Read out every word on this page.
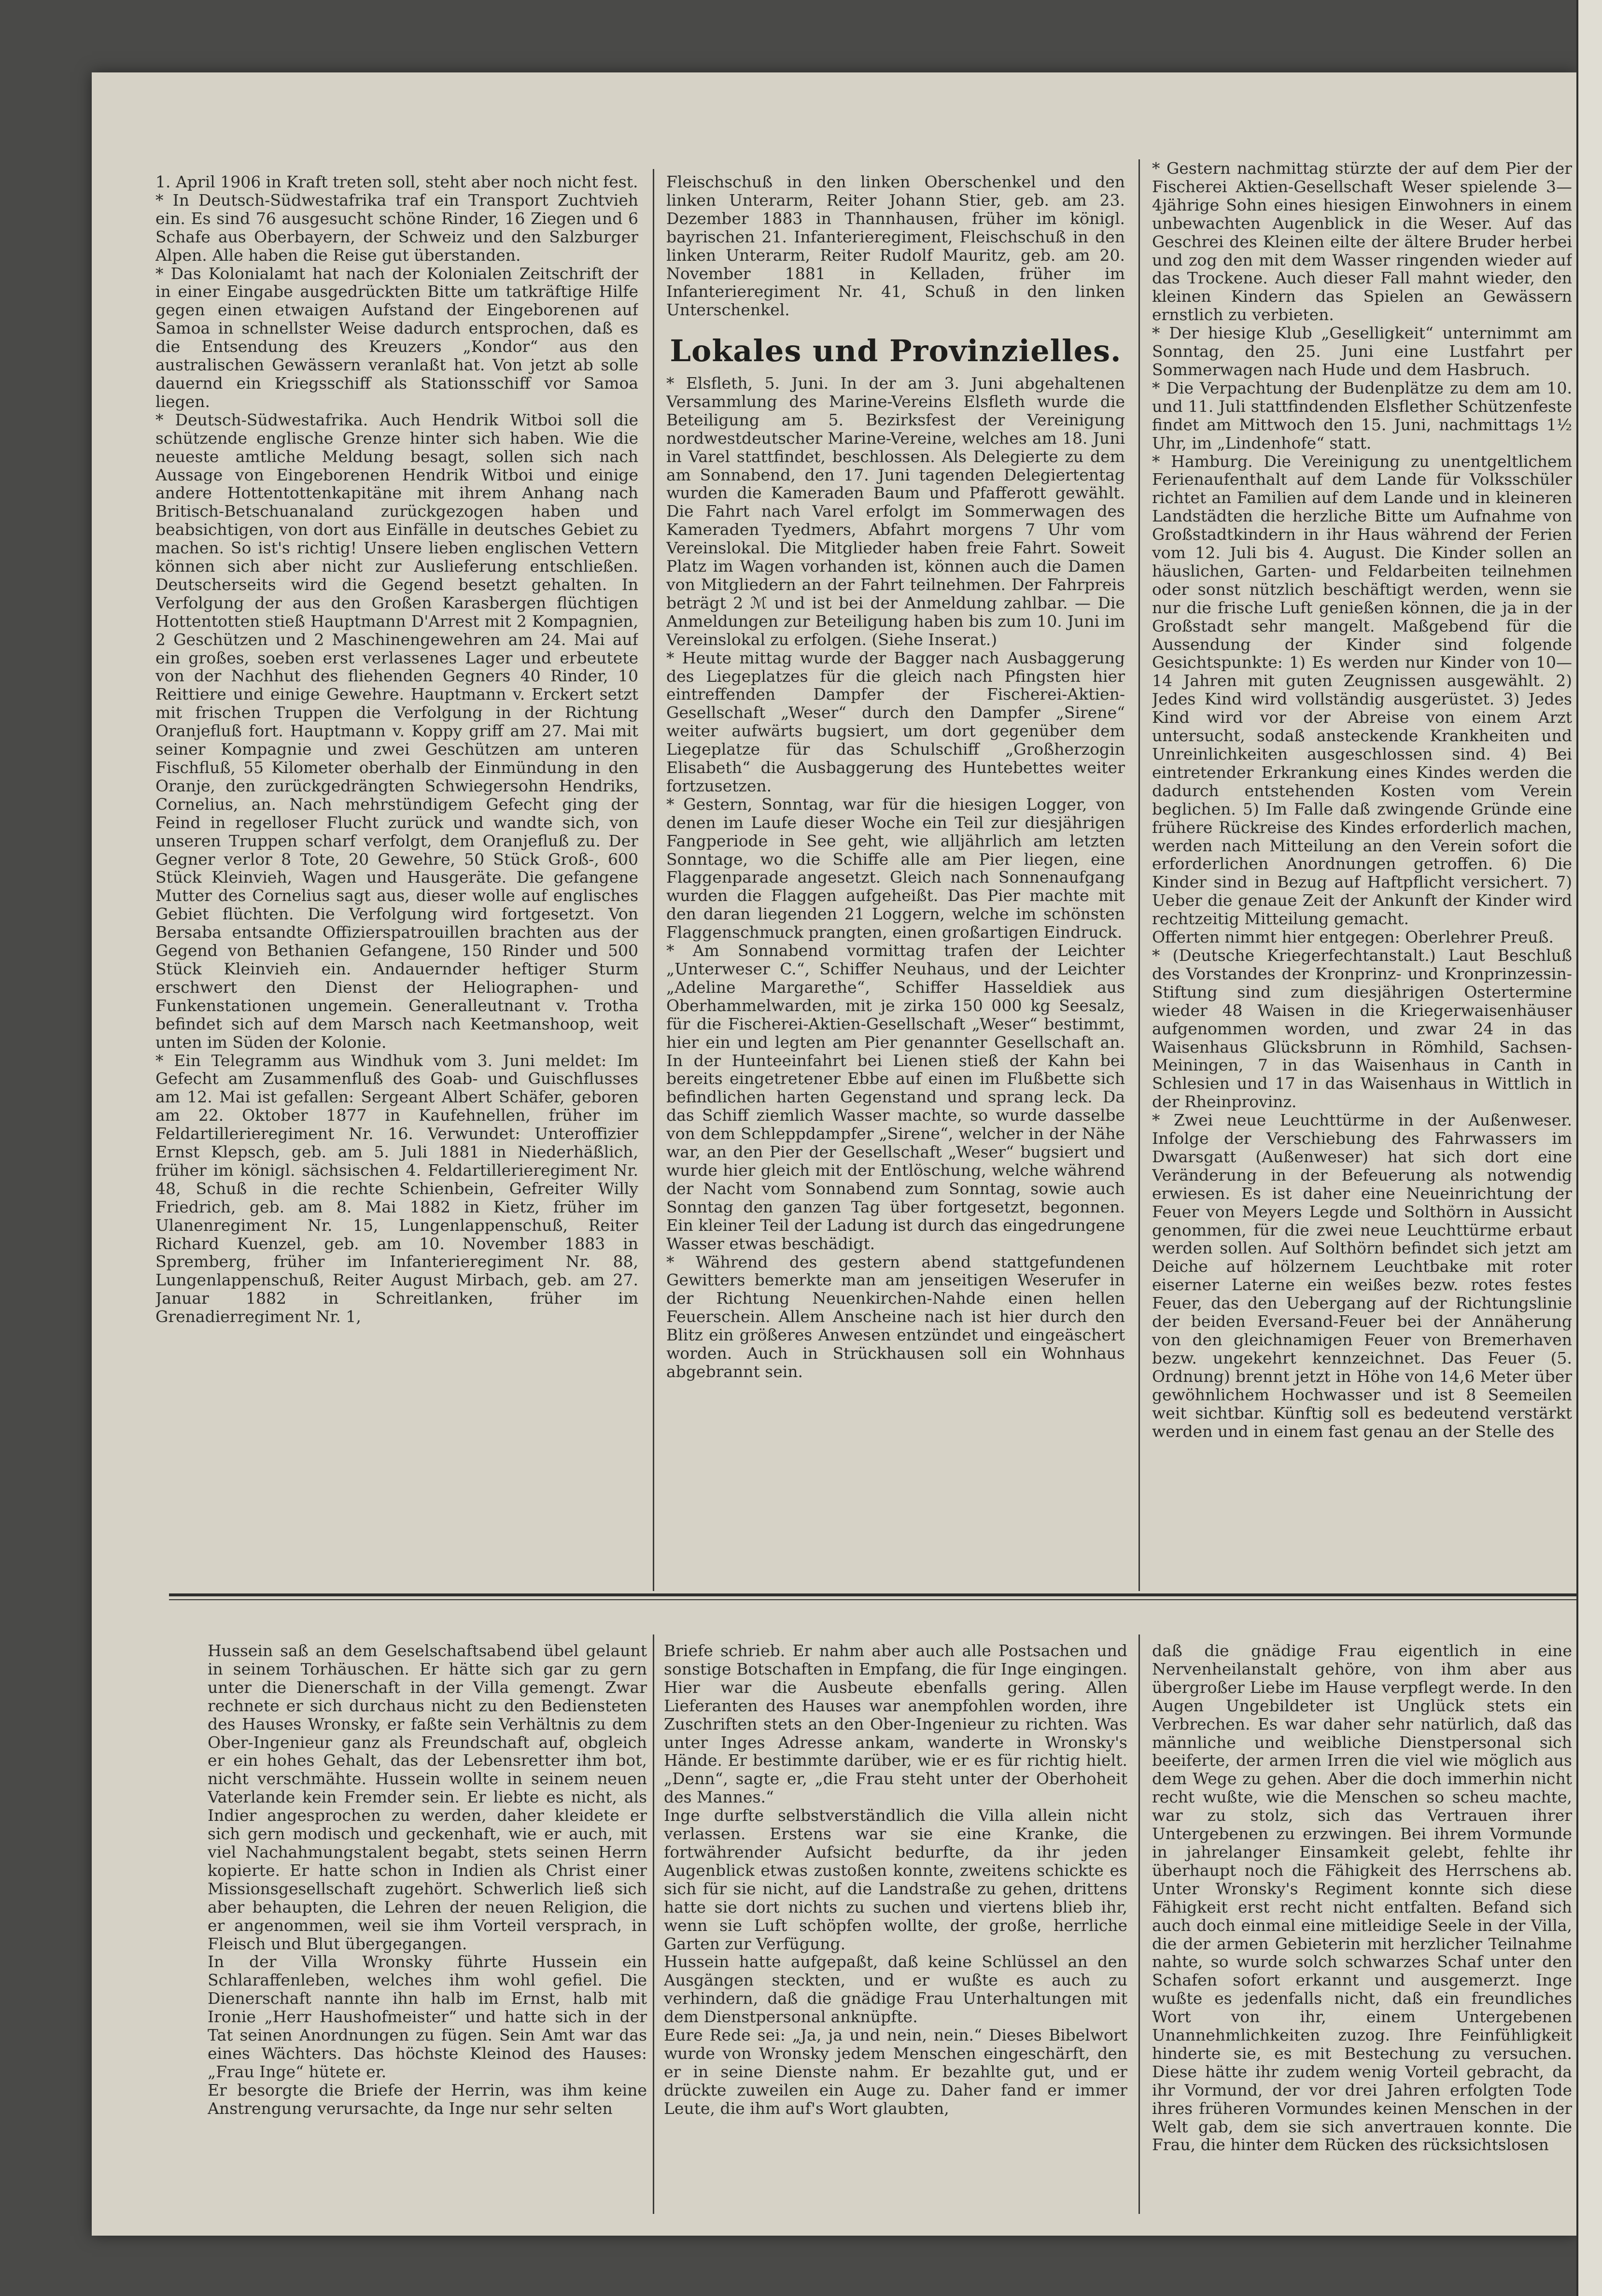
1. April 1906 in Kraft treten soll, steht aber noch nicht fest.
* In Deutsch-Südwestafrika traf ein Transport Zuchtvieh ein. Es sind 76 ausgesucht schöne Rinder, 16 Ziegen und 6 Schafe aus Oberbayern, der Schweiz und den Salzburger Alpen. Alle haben die Reise gut überstanden.
* Das Kolonialamt hat nach der Kolonialen Zeitschrift der in einer Eingabe ausgedrückten Bitte um tatkräftige Hilfe gegen einen etwaigen Aufstand der Eingeborenen auf Samoa in schnellster Weise dadurch entsprochen, daß es die Entsendung des Kreuzers „Kondor“ aus den australischen Gewässern veranlaßt hat. Von jetzt ab solle dauernd ein Kriegsschiff als Stationsschiff vor Samoa liegen.
* Deutsch-Südwestafrika. Auch Hendrik Witboi soll die schützende englische Grenze hinter sich haben. Wie die neueste amtliche Meldung besagt, sollen sich nach Aussage von Eingeborenen Hendrik Witboi und einige andere Hottentottenkapitäne mit ihrem Anhang nach Britisch-Betschuanaland zurückgezogen haben und beabsichtigen, von dort aus Einfälle in deutsches Gebiet zu machen. So ist's richtig! Unsere lieben englischen Vettern können sich aber nicht zur Auslieferung entschließen. Deutscherseits wird die Gegend besetzt gehalten. In Verfolgung der aus den Großen Karasbergen flüchtigen Hottentotten stieß Hauptmann D'Arrest mit 2 Kompagnien, 2 Geschützen und 2 Maschinengewehren am 24. Mai auf ein großes, soeben erst verlassenes Lager und erbeutete von der Nachhut des fliehenden Gegners 40 Rinder, 10 Reittiere und einige Gewehre. Hauptmann v. Erckert setzt mit frischen Truppen die Verfolgung in der Richtung Oranjefluß fort. Hauptmann v. Koppy griff am 27. Mai mit seiner Kompagnie und zwei Geschützen am unteren Fischfluß, 55 Kilometer oberhalb der Einmündung in den Oranje, den zurückgedrängten Schwiegersohn Hendriks, Cornelius, an. Nach mehrstündigem Gefecht ging der Feind in regelloser Flucht zurück und wandte sich, von unseren Truppen scharf verfolgt, dem Oranjefluß zu. Der Gegner verlor 8 Tote, 20 Gewehre, 50 Stück Groß-, 600 Stück Kleinvieh, Wagen und Hausgeräte. Die gefangene Mutter des Cornelius sagt aus, dieser wolle auf englisches Gebiet flüchten. Die Verfolgung wird fortgesetzt. Von Bersaba entsandte Offizierspatrouillen brachten aus der Gegend von Bethanien Gefangene, 150 Rinder und 500 Stück Kleinvieh ein. Andauernder heftiger Sturm erschwert den Dienst der Heliographen- und Funkenstationen ungemein. Generalleutnant v. Trotha befindet sich auf dem Marsch nach Keetmanshoop, weit unten im Süden der Kolonie.
* Ein Telegramm aus Windhuk vom 3. Juni meldet: Im Gefecht am Zusammenfluß des Goab- und Guischflusses am 12. Mai ist gefallen: Sergeant Albert Schäfer, geboren am 22. Oktober 1877 in Kaufehnellen, früher im Feldartillerieregiment Nr. 16. Verwundet: Unteroffizier Ernst Klepsch, geb. am 5. Juli 1881 in Niederhäßlich, früher im königl. sächsischen 4. Feldartillerieregiment Nr. 48, Schuß in die rechte Schienbein, Gefreiter Willy Friedrich, geb. am 8. Mai 1882 in Kietz, früher im Ulanenregiment Nr. 15, Lungenlappenschuß, Reiter Richard Kuenzel, geb. am 10. November 1883 in Spremberg, früher im Infanterieregiment Nr. 88, Lungenlappenschuß, Reiter August Mirbach, geb. am 27. Januar 1882 in Schreitlanken, früher im Grenadierregiment Nr. 1,

Fleischschuß in den linken Oberschenkel und den linken Unterarm, Reiter Johann Stier, geb. am 23. Dezember 1883 in Thannhausen, früher im königl. bayrischen 21. Infanterieregiment, Fleischschuß in den linken Unterarm, Reiter Rudolf Mauritz, geb. am 20. November 1881 in Kelladen, früher im Infanterieregiment Nr. 41, Schuß in den linken Unterschenkel.

Lokales und Provinzielles.

* Elsfleth, 5. Juni. In der am 3. Juni abgehaltenen Versammlung des Marine-Vereins Elsfleth wurde die Beteiligung am 5. Bezirksfest der Vereinigung nordwestdeutscher Marine-Vereine, welches am 18. Juni in Varel stattfindet, beschlossen. Als Delegierte zu dem am Sonnabend, den 17. Juni tagenden Delegiertentag wurden die Kameraden Baum und Pfafferott gewählt. Die Fahrt nach Varel erfolgt im Sommerwagen des Kameraden Tyedmers, Abfahrt morgens 7 Uhr vom Vereinslokal. Die Mitglieder haben freie Fahrt. Soweit Platz im Wagen vorhanden ist, können auch die Damen von Mitgliedern an der Fahrt teilnehmen. Der Fahrpreis beträgt 2 ℳ und ist bei der Anmeldung zahlbar. — Die Anmeldungen zur Beteiligung haben bis zum 10. Juni im Vereinslokal zu erfolgen. (Siehe Inserat.)
* Heute mittag wurde der Bagger nach Ausbaggerung des Liegeplatzes für die gleich nach Pfingsten hier eintreffenden Dampfer der Fischerei-Aktien-Gesellschaft „Weser“ durch den Dampfer „Sirene“ weiter aufwärts bugsiert, um dort gegenüber dem Liegeplatze für das Schulschiff „Großherzogin Elisabeth“ die Ausbaggerung des Huntebettes weiter fortzusetzen.
* Gestern, Sonntag, war für die hiesigen Logger, von denen im Laufe dieser Woche ein Teil zur diesjährigen Fangperiode in See geht, wie alljährlich am letzten Sonntage, wo die Schiffe alle am Pier liegen, eine Flaggenparade angesetzt. Gleich nach Sonnenaufgang wurden die Flaggen aufgeheißt. Das Pier machte mit den daran liegenden 21 Loggern, welche im schönsten Flaggenschmuck prangten, einen großartigen Eindruck.
* Am Sonnabend vormittag trafen der Leichter „Unterweser C.“, Schiffer Neuhaus, und der Leichter „Adeline Margarethe“, Schiffer Hasseldiek aus Oberhammelwarden, mit je zirka 150 000 kg Seesalz, für die Fischerei-Aktien-Gesellschaft „Weser“ bestimmt, hier ein und legten am Pier genannter Gesellschaft an. In der Hunteeinfahrt bei Lienen stieß der Kahn bei bereits eingetretener Ebbe auf einen im Flußbette sich befindlichen harten Gegenstand und sprang leck. Da das Schiff ziemlich Wasser machte, so wurde dasselbe von dem Schleppdampfer „Sirene“, welcher in der Nähe war, an den Pier der Gesellschaft „Weser“ bugsiert und wurde hier gleich mit der Entlöschung, welche während der Nacht vom Sonnabend zum Sonntag, sowie auch Sonntag den ganzen Tag über fortgesetzt, begonnen. Ein kleiner Teil der Ladung ist durch das eingedrungene Wasser etwas beschädigt.
* Während des gestern abend stattgefundenen Gewitters bemerkte man am jenseitigen Weserufer in der Richtung Neuenkirchen-Nahde einen hellen Feuerschein. Allem Anscheine nach ist hier durch den Blitz ein größeres Anwesen entzündet und eingeäschert worden. Auch in Strückhausen soll ein Wohnhaus abgebrannt sein.

* Gestern nachmittag stürzte der auf dem Pier der Fischerei Aktien-Gesellschaft Weser spielende 3—4jährige Sohn eines hiesigen Einwohners in einem unbewachten Augenblick in die Weser. Auf das Geschrei des Kleinen eilte der ältere Bruder herbei und zog den mit dem Wasser ringenden wieder auf das Trockene. Auch dieser Fall mahnt wieder, den kleinen Kindern das Spielen an Gewässern ernstlich zu verbieten.
* Der hiesige Klub „Geselligkeit“ unternimmt am Sonntag, den 25. Juni eine Lustfahrt per Sommerwagen nach Hude und dem Hasbruch.
* Die Verpachtung der Budenplätze zu dem am 10. und 11. Juli stattfindenden Elsflether Schützenfeste findet am Mittwoch den 15. Juni, nachmittags 1½ Uhr, im „Lindenhofe“ statt.
* Hamburg. Die Vereinigung zu unentgeltlichem Ferienaufenthalt auf dem Lande für Volksschüler richtet an Familien auf dem Lande und in kleineren Landstädten die herzliche Bitte um Aufnahme von Großstadtkindern in ihr Haus während der Ferien vom 12. Juli bis 4. August. Die Kinder sollen an häuslichen, Garten- und Feldarbeiten teilnehmen oder sonst nützlich beschäftigt werden, wenn sie nur die frische Luft genießen können, die ja in der Großstadt sehr mangelt. Maßgebend für die Aussendung der Kinder sind folgende Gesichtspunkte: 1) Es werden nur Kinder von 10—14 Jahren mit guten Zeugnissen ausgewählt. 2) Jedes Kind wird vollständig ausgerüstet. 3) Jedes Kind wird vor der Abreise von einem Arzt untersucht, sodaß ansteckende Krankheiten und Unreinlichkeiten ausgeschlossen sind. 4) Bei eintretender Erkrankung eines Kindes werden die dadurch entstehenden Kosten vom Verein beglichen. 5) Im Falle daß zwingende Gründe eine frühere Rückreise des Kindes erforderlich machen, werden nach Mitteilung an den Verein sofort die erforderlichen Anordnungen getroffen. 6) Die Kinder sind in Bezug auf Haftpflicht versichert. 7) Ueber die genaue Zeit der Ankunft der Kinder wird rechtzeitig Mitteilung gemacht.
Offerten nimmt hier entgegen: Oberlehrer Preuß.
* (Deutsche Kriegerfechtanstalt.) Laut Beschluß des Vorstandes der Kronprinz- und Kronprinzessin-Stiftung sind zum diesjährigen Ostertermine wieder 48 Waisen in die Kriegerwaisenhäuser aufgenommen worden, und zwar 24 in das Waisenhaus Glücksbrunn in Römhild, Sachsen-Meiningen, 7 in das Waisenhaus in Canth in Schlesien und 17 in das Waisenhaus in Wittlich in der Rheinprovinz.
* Zwei neue Leuchttürme in der Außenweser. Infolge der Verschiebung des Fahrwassers im Dwarsgatt (Außenweser) hat sich dort eine Veränderung in der Befeuerung als notwendig erwiesen. Es ist daher eine Neueinrichtung der Feuer von Meyers Legde und Solthörn in Aussicht genommen, für die zwei neue Leuchttürme erbaut werden sollen. Auf Solthörn befindet sich jetzt am Deiche auf hölzernem Leuchtbake mit roter eiserner Laterne ein weißes bezw. rotes festes Feuer, das den Uebergang auf der Richtungslinie der beiden Eversand-Feuer bei der Annäherung von den gleichnamigen Feuer von Bremerhaven bezw. ungekehrt kennzeichnet. Das Feuer (5. Ordnung) brennt jetzt in Höhe von 14,6 Meter über gewöhnlichem Hochwasser und ist 8 Seemeilen weit sichtbar. Künftig soll es bedeutend verstärkt werden und in einem fast genau an der Stelle des

Hussein saß an dem Geselschaftsabend übel gelaunt in seinem Torhäuschen. Er hätte sich gar zu gern unter die Dienerschaft in der Villa gemengt. Zwar rechnete er sich durchaus nicht zu den Bediensteten des Hauses Wronsky, er faßte sein Verhältnis zu dem Ober-Ingenieur ganz als Freundschaft auf, obgleich er ein hohes Gehalt, das der Lebensretter ihm bot, nicht verschmähte. Hussein wollte in seinem neuen Vaterlande kein Fremder sein. Er liebte es nicht, als Indier angesprochen zu werden, daher kleidete er sich gern modisch und geckenhaft, wie er auch, mit viel Nachahmungstalent begabt, stets seinen Herrn kopierte. Er hatte schon in Indien als Christ einer Missionsgesellschaft zugehört. Schwerlich ließ sich aber behaupten, die Lehren der neuen Religion, die er angenommen, weil sie ihm Vorteil versprach, in Fleisch und Blut übergegangen.
In der Villa Wronsky führte Hussein ein Schlaraffenleben, welches ihm wohl gefiel. Die Dienerschaft nannte ihn halb im Ernst, halb mit Ironie „Herr Haushofmeister“ und hatte sich in der Tat seinen Anordnungen zu fügen. Sein Amt war das eines Wächters. Das höchste Kleinod des Hauses: „Frau Inge“ hütete er.
Er besorgte die Briefe der Herrin, was ihm keine Anstrengung verursachte, da Inge nur sehr selten

Briefe schrieb. Er nahm aber auch alle Postsachen und sonstige Botschaften in Empfang, die für Inge eingingen. Hier war die Ausbeute ebenfalls gering. Allen Lieferanten des Hauses war anempfohlen worden, ihre Zuschriften stets an den Ober-Ingenieur zu richten. Was unter Inges Adresse ankam, wanderte in Wronsky's Hände. Er bestimmte darüber, wie er es für richtig hielt. „Denn“, sagte er, „die Frau steht unter der Oberhoheit des Mannes.“
Inge durfte selbstverständlich die Villa allein nicht verlassen. Erstens war sie eine Kranke, die fortwährender Aufsicht bedurfte, da ihr jeden Augenblick etwas zustoßen konnte, zweitens schickte es sich für sie nicht, auf die Landstraße zu gehen, drittens hatte sie dort nichts zu suchen und viertens blieb ihr, wenn sie Luft schöpfen wollte, der große, herrliche Garten zur Verfügung.
Hussein hatte aufgepaßt, daß keine Schlüssel an den Ausgängen steckten, und er wußte es auch zu verhindern, daß die gnädige Frau Unterhaltungen mit dem Dienstpersonal anknüpfte.
Eure Rede sei: „Ja, ja und nein, nein.“ Dieses Bibelwort wurde von Wronsky jedem Menschen eingeschärft, den er in seine Dienste nahm. Er bezahlte gut, und er drückte zuweilen ein Auge zu. Daher fand er immer Leute, die ihm auf's Wort glaubten,

daß die gnädige Frau eigentlich in eine Nervenheilanstalt gehöre, von ihm aber aus übergroßer Liebe im Hause verpflegt werde. In den Augen Ungebildeter ist Unglück stets ein Verbrechen. Es war daher sehr natürlich, daß das männliche und weibliche Dienstpersonal sich beeiferte, der armen Irren die viel wie möglich aus dem Wege zu gehen. Aber die doch immerhin nicht recht wußte, wie die Menschen so scheu machte, war zu stolz, sich das Vertrauen ihrer Untergebenen zu erzwingen. Bei ihrem Vormunde in jahrelanger Einsamkeit gelebt, fehlte ihr überhaupt noch die Fähigkeit des Herrschens ab. Unter Wronsky's Regiment konnte sich diese Fähigkeit erst recht nicht entfalten. Befand sich auch doch einmal eine mitleidige Seele in der Villa, die der armen Gebieterin mit herzlicher Teilnahme nahte, so wurde solch schwarzes Schaf unter den Schafen sofort erkannt und ausgemerzt. Inge wußte es jedenfalls nicht, daß ein freundliches Wort von ihr, einem Untergebenen Unannehmlichkeiten zuzog. Ihre Feinfühligkeit hinderte sie, es mit Bestechung zu versuchen. Diese hätte ihr zudem wenig Vorteil gebracht, da ihr Vormund, der vor drei Jahren erfolgten Tode ihres früheren Vormundes keinen Menschen in der Welt gab, dem sie sich anvertrauen konnte. Die Frau, die hinter dem Rücken des rücksichtslosen
